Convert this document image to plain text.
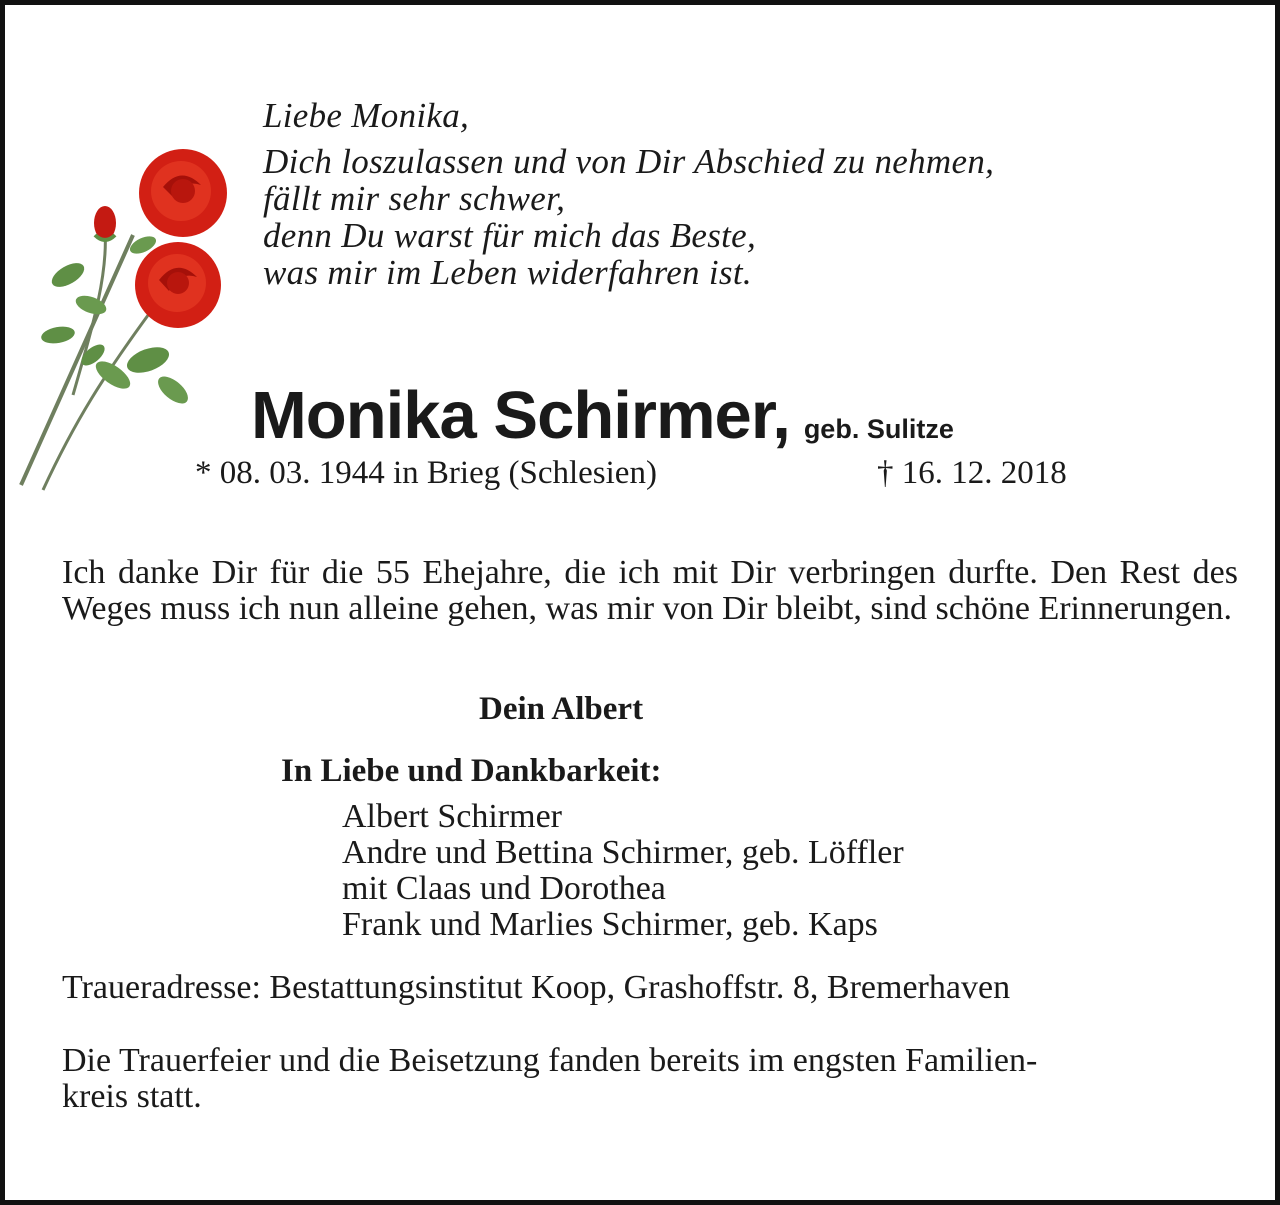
Liebe Monika,
Dich loszulassen und von Dir Abschied zu nehmen,
fällt mir sehr schwer,
denn Du warst für mich das Beste,
was mir im Leben widerfahren ist.
Monika Schirmer, geb. Sulitze
* 08. 03. 1944 in Brieg (Schlesien)	† 16. 12. 2018
Ich danke Dir für die 55 Ehejahre, die ich mit Dir verbringen durfte. Den Rest des Weges muss ich nun alleine gehen, was mir von Dir bleibt, sind schöne Erinnerungen.
Dein Albert
In Liebe und Dankbarkeit:
Albert Schirmer
Andre und Bettina Schirmer, geb. Löffler
mit Claas und Dorothea
Frank und Marlies Schirmer, geb. Kaps
Traueradresse: Bestattungsinstitut Koop, Grashoffstr. 8, Bremerhaven
Die Trauerfeier und die Beisetzung fanden bereits im engsten Familien-
kreis statt.
